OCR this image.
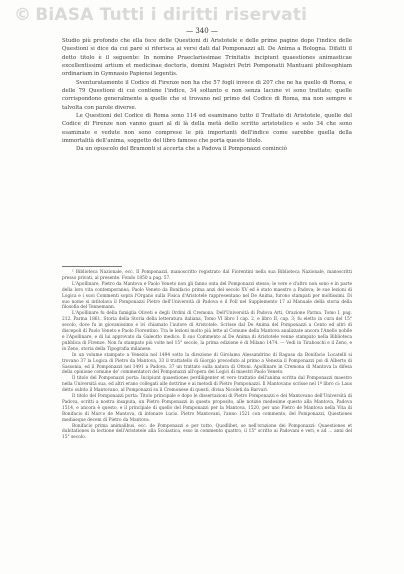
© BiASA Tutti i diritti riservati
— 340 —

Studio più profondo che ella fece delle Questioni di Aristotele e delle prime pagine dopo l'indice delle Questioni si dice da cui pare si riferisca ai versi dati dal Pomponazzi all. De Anima a Bologna. Difatti il detto titolo è il seguente: In nomine Praeclarissimae Trinitatis incipiunt quaestiones animasticae excellentissimi artium et medicinae doctoris, domini Magistri Petri Pomponatii Mantuani philosophiam ordinariam in Gymnasio Papiensi legentis.

Sventuratamente il Codice di Firenze non ha che 57 fogli invece di 207 che ne ha quello di Roma, e delle 79 Questioni di cui contiene l'indice, 34 soltanto e non senza lacune vi sono trattate; quelle corrispondono generalmente a quelle che si trovano nel primo del Codice di Roma, ma non sempre e talvolta con parole diverse.

Le Questioni del Codice di Roma sono 114 ed esaminano tutto il Trattato di Aristotele, quelle del Codice di Firenze non vanno guari al di là della metà dello scritto aristotelico e solo 34 che sono esaminate e vedute non sono comprese le più importanti dell'indice come sarebbe quella della immortalità dell'anima, soggetto del libro famoso che porta questo titolo.

Da un opuscolo del Bramonti si accerta che a Padova il Pomponazzi cominciò

¹ Biblioteca Nazionale, ecc. Il Pomponazzi, manoscritto registrato dal Fiorentini nella sua Biblioteca Nazionale, manoscritti presso privati, al presente. Fondo 1850 a pag. 57.

L'Apollinare, Pietro da Mantova e Paolo Veneto non gli fanno onta del Pomponazzi stesso; le vere e d'altro non sono e in parte della loro vita contemporanea. Paolo Veneto da Bonifacio prima anzi del secolo XV ed è stato maestro a Padova; le sue lezioni di Logica e i suoi Commenti sopra l'Organo sulla Fisica d'Aristotele rappresentano nel De Anima, furono stampati per moltissimi. Di suo nome si intitolava il Pomponazzi Pietro dell'Università di Padova e il Poll nel Supplemento 17 al Manuale della storia della filosofia del Tennemann.

L'Apollinare fu della famiglia Oliveti e degli Ordini di Cremona. Dell'Università di Padova Arti, Orazione Parma. Tomo I, pag. 212. Parma 1861. Storia della Storia della letteratura italiana, Tomo VI libro I cap. 2, e libro II, cap. 3; fu eletto in cura del 15° secolo, dove fu in giovanissimo e ivi chiamato l'autore di Aristotele. Scrisse dal De Anima del Pomponazzi a Cento ed altri di discepoli di Paolo Veneto e Paolo Fiorentino. Tra le lezioni molto più lette al Comune della Mantova analizzate ancora l'Anello nobile e l'Apollinare, e di lui approvato da Galeotto medico. Il suo Commento al De Anima di Aristotele venne stampato nella Biblioteca pubblica di Firenze. Non fu stampato più volte nel 15° secolo, la prima edizione è di Milano 1474. — Vedi in Tiraboschi e il Zeno, e in Zeno, storia della Tipografia milanese.

In un volume stampato a Venezia nel 1494 sotto la direzione di Girolamo Alessandrino di Ragusa da Bonifacio Locatelli si trovano 37 la Logica di Pietro da Mantova, 33 il trattatello di Giorgio preceduto al primo a Venezia il Pomponazzi poi di Alberto di Sassonia, ed il Pomponazzi nel 1491 a Padova. 37 un trattato sulla natura di Ottoni. Apollinare in Cremona di Mantova la difesa della opinione comune de' commentatori del Pomponazzi all'opera dei Logici di maestri Paolo Veneto.

Il titolo del Pomponazzi porta: Incipiunt quaestiones perdiligenter et vero trattatio dell'anima scritta dal Pomponazzi maestro nella Università sua, ed altri erano collegati alle dottrine e ai metodi di Pietro Pomponazzi. Il Mantovano scrisse nel 1º libro ci: Laus detto subito il Mantovano, al Pomponazzi su il Cremonese di questi, divisa Nicoleti da Barvari.

Il titolo del Pomponazzi porta: Titolo principale e dopo le dissertazioni di Pietro Pomponazzi e del Mantovano dell'Università di Padova, scritti a nostra insaputa, un Pietro Pomponazzi in questo proposito, alle notizie medesime questo alla Mantova, Padova 1514, e ancora è questo, e il principale di quello del Pomponazzi per la Mantova, 1520, per uno Pietro de Mantova nella Vita di Bonifacio di Marco de Mantova, di intonare Lucio. Pietro Mantovani, l'anno 1521 con commento, del Pomponazzi, Questiones mediaeque decem di Pietro da Mantova.

Bonifacio prima animalibus, ecc. de Pomponazzi e per tutto, Quodlibet, se nell'orazione dei Pomponazzi: Quaestiones et dubitationes in lectione dell'Aristotele alla Scolastica, esso in commento quattro, il 15° scritto ai Padovani e veri, e ad ... anni del 15° secolo.
